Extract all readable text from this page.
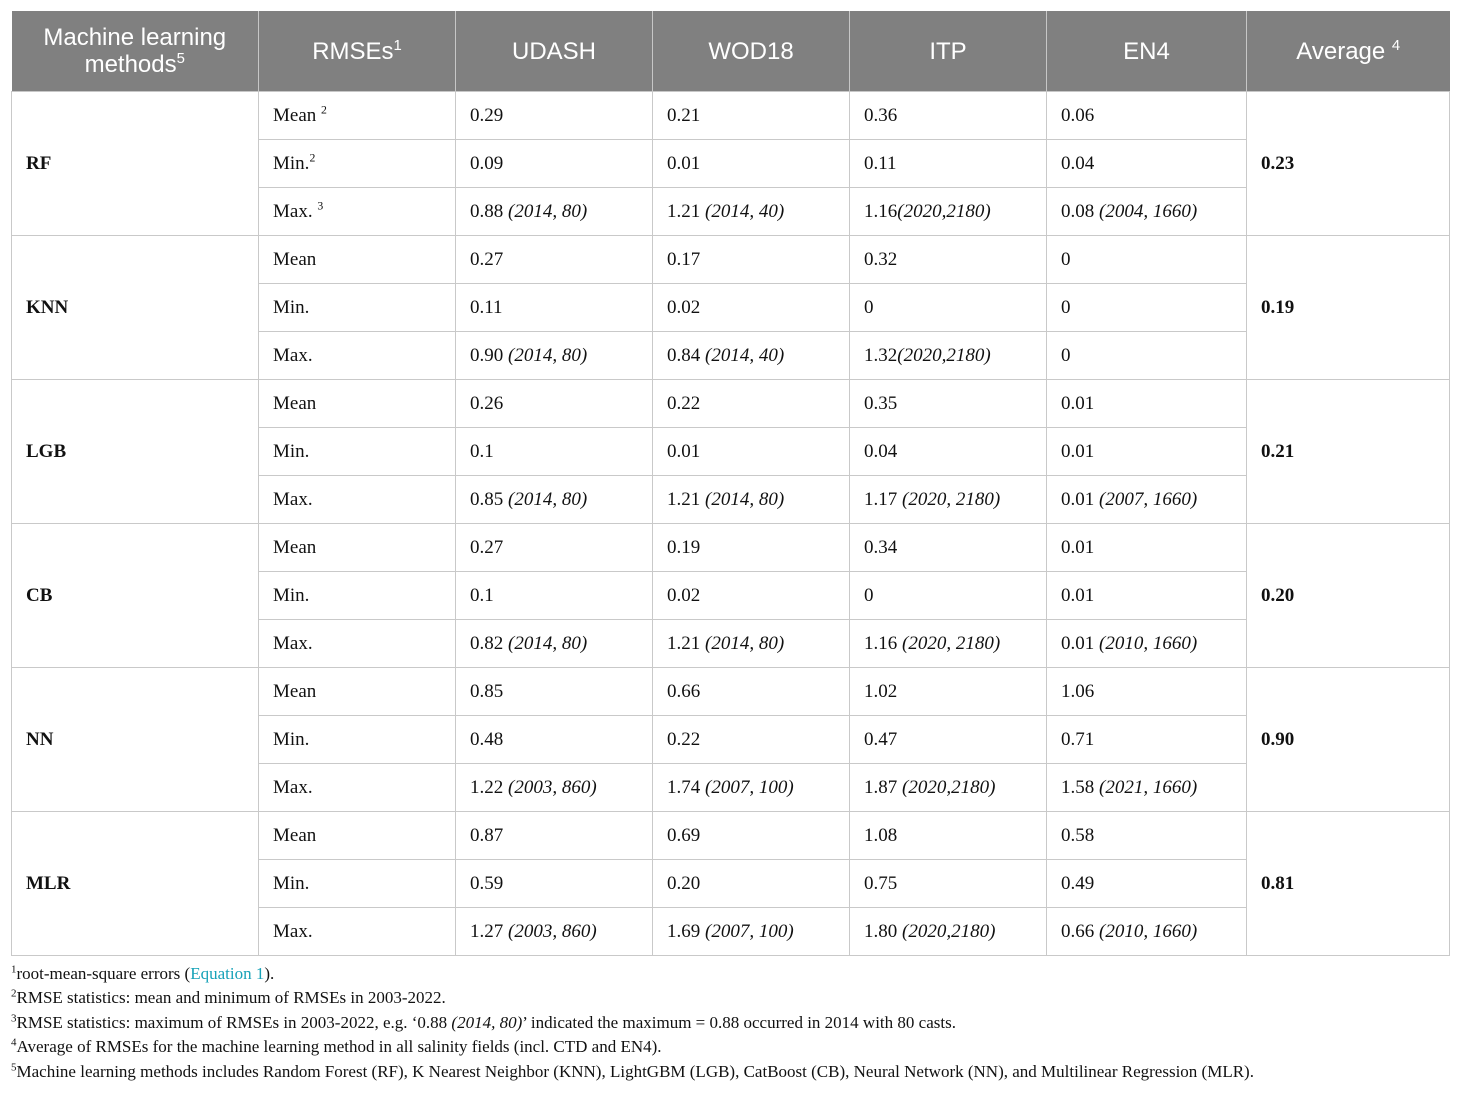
Machine learning methods$^5$	RMSEs$^1$	UDASH	WOD18	ITP	EN4	Average $^4$
RF	Mean $^2$	0.29	0.21	0.36	0.06	0.23
	Min.$^2$	0.09	0.01	0.11	0.04	
	Max. $^3$	0.88 (2014, 80)	1.21 (2014, 40)	1.16(2020,2180)	0.08 (2004, 1660)	
KNN	Mean	0.27	0.17	0.32	0	0.19
	Min.	0.11	0.02	0	0	
	Max.	0.90 (2014, 80)	0.84 (2014, 40)	1.32(2020,2180)	0	
LGB	Mean	0.26	0.22	0.35	0.01	0.21
	Min.	0.1	0.01	0.04	0.01	
	Max.	0.85 (2014, 80)	1.21 (2014, 80)	1.17 (2020, 2180)	0.01 (2007, 1660)	
CB	Mean	0.27	0.19	0.34	0.01	0.20
	Min.	0.1	0.02	0	0.01	
	Max.	0.82 (2014, 80)	1.21 (2014, 80)	1.16 (2020, 2180)	0.01 (2010, 1660)	
NN	Mean	0.85	0.66	1.02	1.06	0.90
	Min.	0.48	0.22	0.47	0.71	
	Max.	1.22 (2003, 860)	1.74 (2007, 100)	1.87 (2020,2180)	1.58 (2021, 1660)	
MLR	Mean	0.87	0.69	1.08	0.58	0.81
	Min.	0.59	0.20	0.75	0.49	
	Max.	1.27 (2003, 860)	1.69 (2007, 100)	1.80 (2020,2180)	0.66 (2010, 1660)	
$^1$root-mean-square errors (Equation 1).
$^2$RMSE statistics: mean and minimum of RMSEs in 2003-2022.
$^3$RMSE statistics: maximum of RMSEs in 2003-2022, e.g. ‘0.88 (2014, 80)’ indicated the maximum = 0.88 occurred in 2014 with 80 casts.
$^4$Average of RMSEs for the machine learning method in all salinity fields (incl. CTD and EN4).
$^5$Machine learning methods includes Random Forest (RF), K Nearest Neighbor (KNN), LightGBM (LGB), CatBoost (CB), Neural Network (NN), and Multilinear Regression (MLR).
